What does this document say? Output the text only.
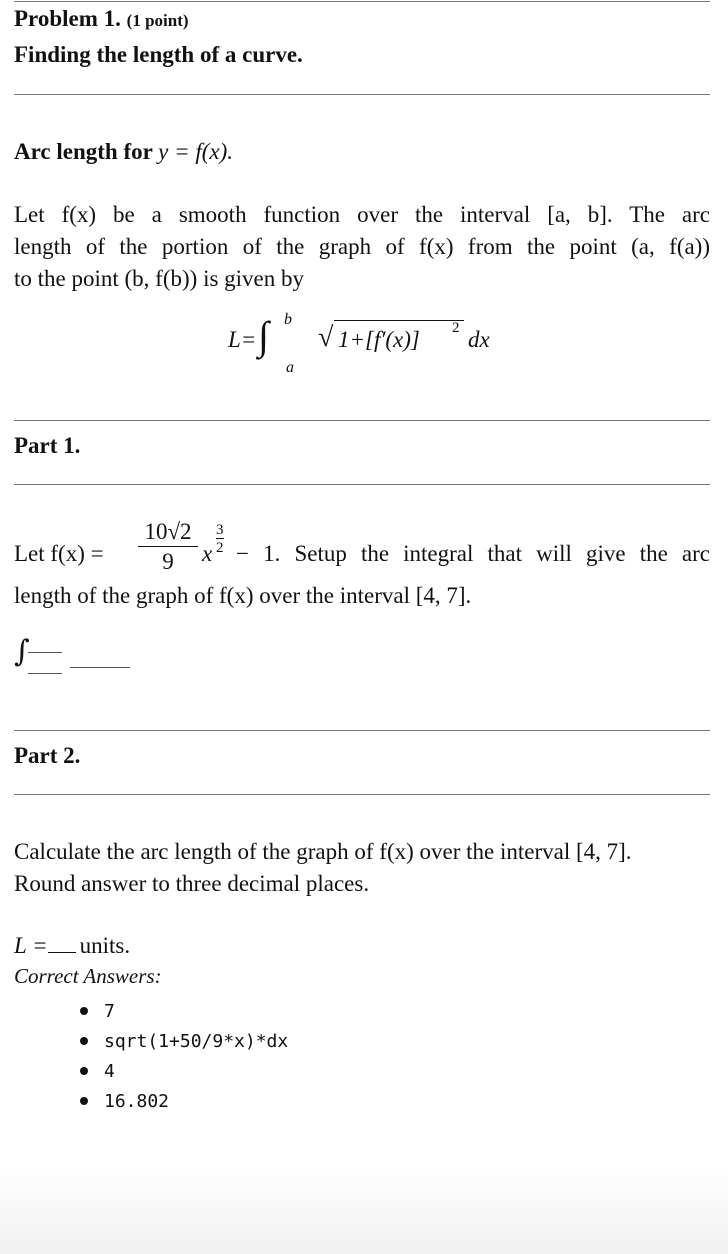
Problem 1. (1 point)
Finding the length of a curve.
Arc length for y = f(x).
Let f(x) be a smooth function over the interval [a, b]. The arc
length of the portion of the graph of f(x) from the point (a, f(a))
to the point (b, f(b)) is given by
L= ∫ b
a
√ 1+[f′(x)] 2 dx
Part 1.
Let f(x) =
10√2
9	x
3
2 − 1. Setup the integral that will give the arc
length of the graph of f(x) over the interval [4, 7].
∫
Part 2.
Calculate the arc length of the graph of f(x) over the interval [4, 7].
Round answer to three decimal places.
L = units.
Correct Answers:
7
sqrt(1+50/9*x)*dx
4
16.802
